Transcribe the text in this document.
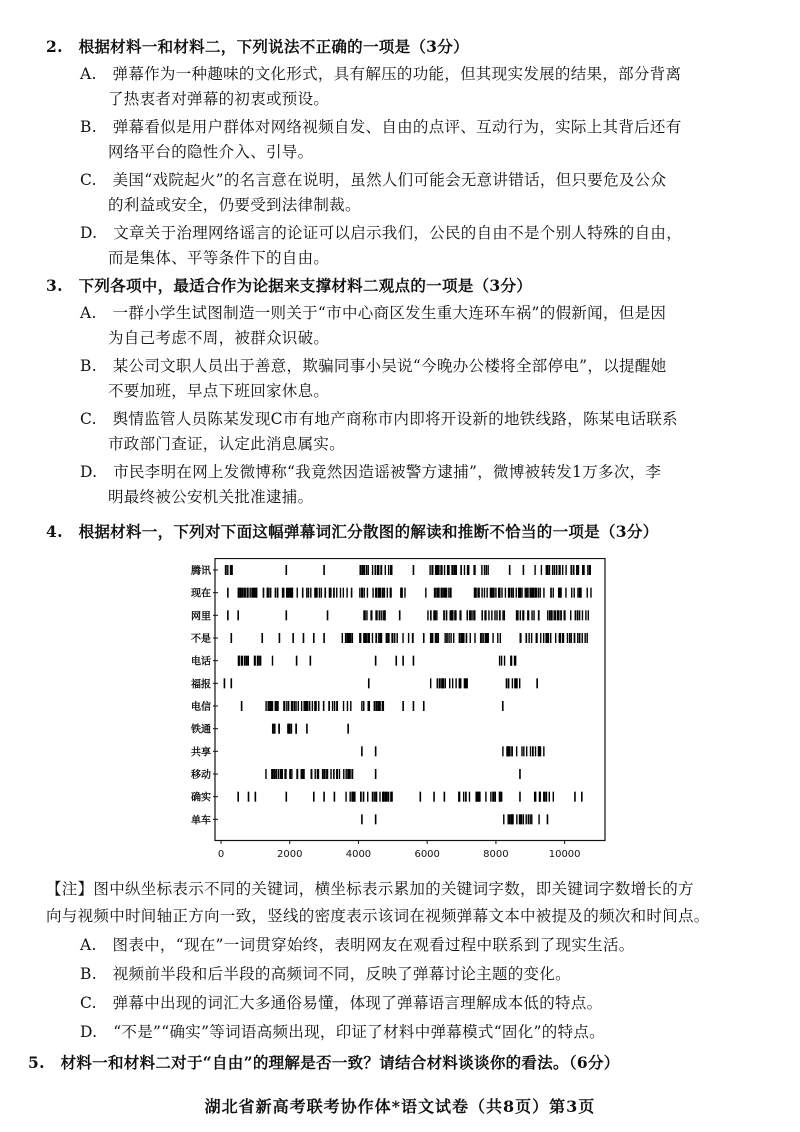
2.　根据材料一和材料二，下列说法不正确的一项是（3分）
A.　弹幕作为一种趣味的文化形式，具有解压的功能，但其现实发展的结果，部分背离
了热衷者对弹幕的初衷或预设。
B.　弹幕看似是用户群体对网络视频自发、自由的点评、互动行为，实际上其背后还有
网络平台的隐性介入、引导。
C.　美国“戏院起火”的名言意在说明，虽然人们可能会无意讲错话，但只要危及公众
的利益或安全，仍要受到法律制裁。
D.　文章关于治理网络谣言的论证可以启示我们，公民的自由不是个别人特殊的自由，
而是集体、平等条件下的自由。
3.　下列各项中，最适合作为论据来支撑材料二观点的一项是（3分）
A.　一群小学生试图制造一则关于“市中心商区发生重大连环车祸”的假新闻，但是因
为自己考虑不周，被群众识破。
B.　某公司文职人员出于善意，欺骗同事小吴说“今晚办公楼将全部停电”，以提醒她
不要加班，早点下班回家休息。
C.　舆情监管人员陈某发现C市有地产商称市内即将开设新的地铁线路，陈某电话联系
市政部门查证，认定此消息属实。
D.　市民李明在网上发微博称“我竟然因造谣被警方逮捕”，微博被转发1万多次，李
明最终被公安机关批准逮捕。
4.　根据材料一，下列对下面这幅弹幕词汇分散图的解读和推断不恰当的一项是（3分）
0	2000	4000	6000	8000	10000
腾讯
现在
网里
不是
电话
福报
电信
铁通
共享
移动
确实
单车
【注】图中纵坐标表示不同的关键词，横坐标表示累加的关键词字数，即关键词字数增长的方
向与视频中时间轴正方向一致，竖线的密度表示该词在视频弹幕文本中被提及的频次和时间点。
A.　图表中，“现在”一词贯穿始终，表明网友在观看过程中联系到了现实生活。
B.　视频前半段和后半段的高频词不同，反映了弹幕讨论主题的变化。
C.　弹幕中出现的词汇大多通俗易懂，体现了弹幕语言理解成本低的特点。
D.　“不是”“确实”等词语高频出现，印证了材料中弹幕模式“固化”的特点。
5.　材料一和材料二对于“自由”的理解是否一致？请结合材料谈谈你的看法。（6分）
湖北省新高考联考协作体*语文试卷（共8页）第3页
